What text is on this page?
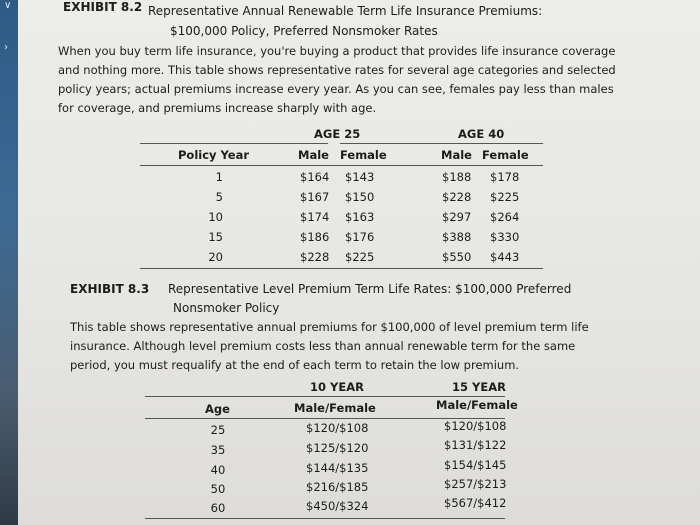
∨
›
EXHIBIT 8.2 Representative Annual Renewable Term Life Insurance Premiums:
$100,000 Policy, Preferred Nonsmoker Rates
When you buy term life insurance, you're buying a product that provides life insurance coverage and nothing more. This table shows representative rates for several age categories and selected policy years; actual premiums increase every year. As you can see, females pay less than males for coverage, and premiums increase sharply with age.
AGE 25	AGE 40
Policy Year	Male Female	Male Female
1	$164 $143	$188 $178
5	$167 $150	$228 $225
10	$174 $163	$297 $264
15	$186 $176	$388 $330
20	$228 $225	$550 $443
EXHIBIT 8.3 Representative Level Premium Term Life Rates: $100,000 Preferred
Nonsmoker Policy
This table shows representative annual premiums for $100,000 of level premium term life insurance. Although level premium costs less than annual renewable term for the same period, you must requalify at the end of each term to retain the low premium.
10 YEAR	15 YEAR
Age	Male/Female	Male/Female
25	$120/$108	$120/$108
35	$125/$120	$131/$122
40	$144/$135	$154/$145
50	$216/$185	$257/$213
60	$450/$324	$567/$412
